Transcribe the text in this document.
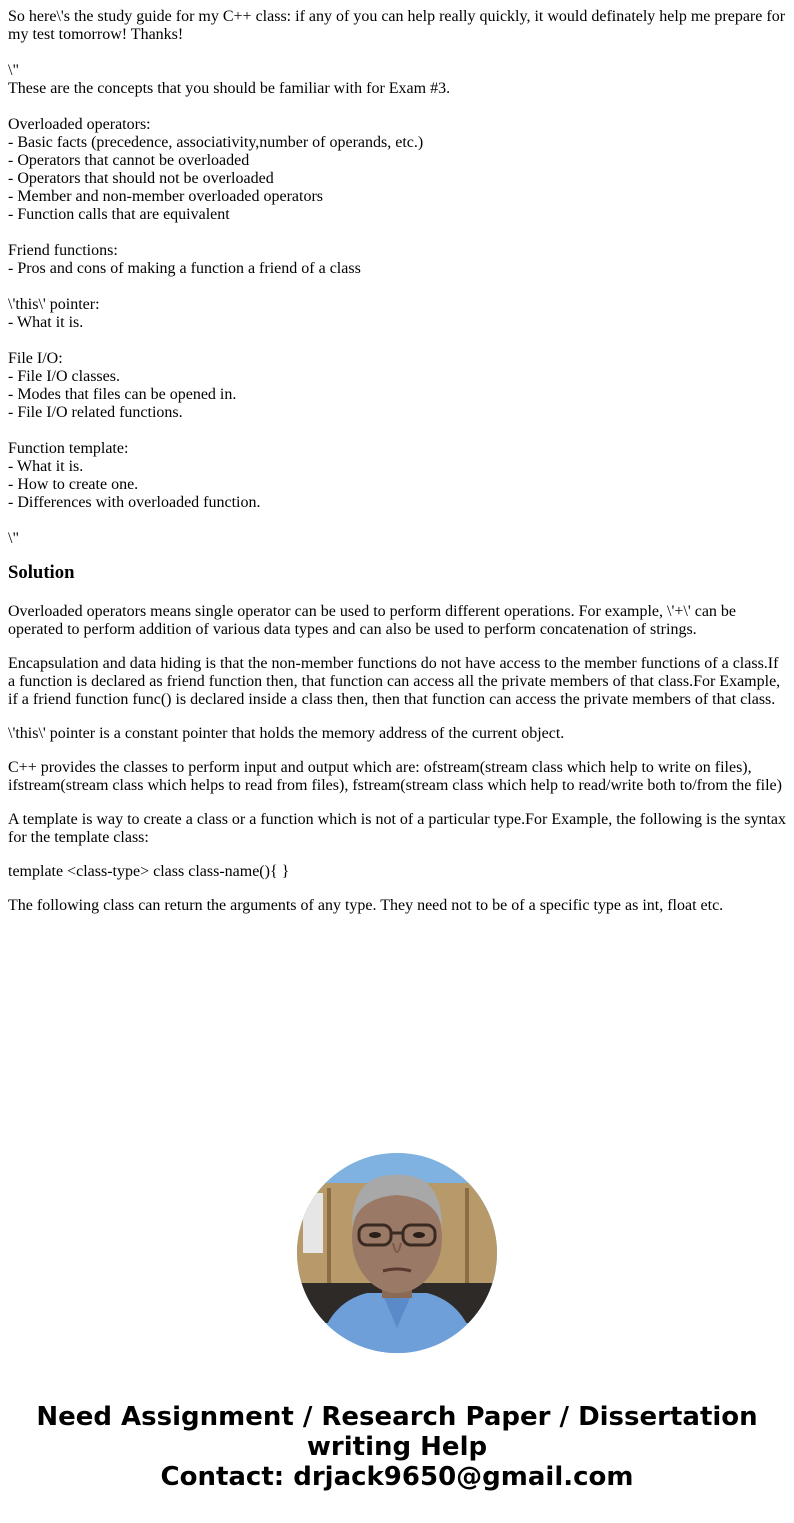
So here\'s the study guide for my C++ class: if any of you can help really quickly, it would definately help me prepare for my test tomorrow! Thanks!
\"
These are the concepts that you should be familiar with for Exam #3.
Overloaded operators:
- Basic facts (precedence, associativity,number of operands, etc.)
- Operators that cannot be overloaded
- Operators that should not be overloaded
- Member and non-member overloaded operators
- Function calls that are equivalent
Friend functions:
- Pros and cons of making a function a friend of a class
\'this\' pointer:
- What it is.
File I/O:
- File I/O classes.
- Modes that files can be opened in.
- File I/O related functions.
Function template:
- What it is.
- How to create one.
- Differences with overloaded function.
\"
Solution

Overloaded operators means single operator can be used to perform different operations. For example, \'+\' can be operated to perform addition of various data types and can also be used to perform concatenation of strings.

Encapsulation and data hiding is that the non-member functions do not have access to the member functions of a class.If a function is declared as friend function then, that function can access all the private members of that class.For Example, if a friend function func() is declared inside a class then, then that function can access the private members of that class.

\'this\' pointer is a constant pointer that holds the memory address of the current object.

C++ provides the classes to perform input and output which are: ofstream(stream class which help to write on files), ifstream(stream class which helps to read from files), fstream(stream class which help to read/write both to/from the file)

A template is way to create a class or a function which is not of a particular type.For Example, the following is the syntax for the template class:

template <class-type> class class-name(){ }

The following class can return the arguments of any type. They need not to be of a specific type as int, float etc.

Need Assignment / Research Paper / Dissertation
writing Help
Contact: drjack9650@gmail.com
